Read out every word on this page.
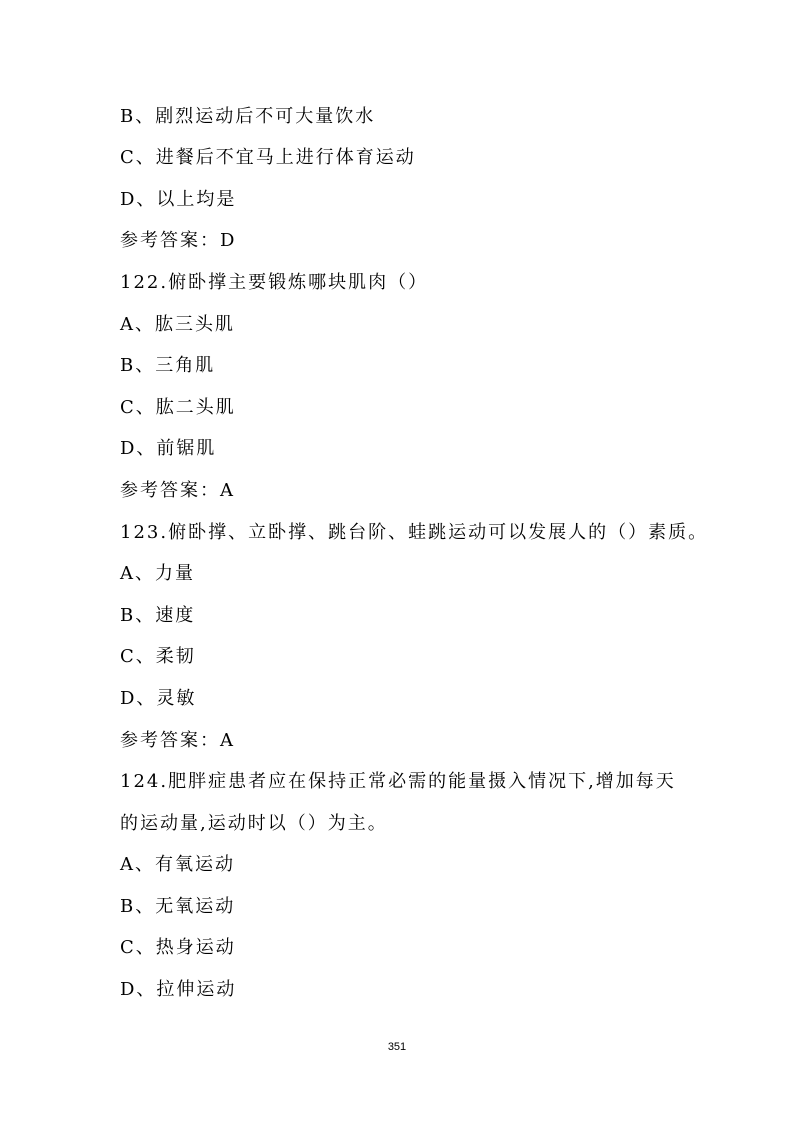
B、剧烈运动后不可大量饮水
C、进餐后不宜马上进行体育运动
D、以上均是
参考答案：D
122.俯卧撑主要锻炼哪块肌肉（）
A、肱三头肌
B、三角肌
C、肱二头肌
D、前锯肌
参考答案：A
123.俯卧撑、立卧撑、跳台阶、蛙跳运动可以发展人的（）素质。
A、力量
B、速度
C、柔韧
D、灵敏
参考答案：A
124.肥胖症患者应在保持正常必需的能量摄入情况下,增加每天
的运动量,运动时以（）为主。
A、有氧运动
B、无氧运动
C、热身运动
D、拉伸运动
351
